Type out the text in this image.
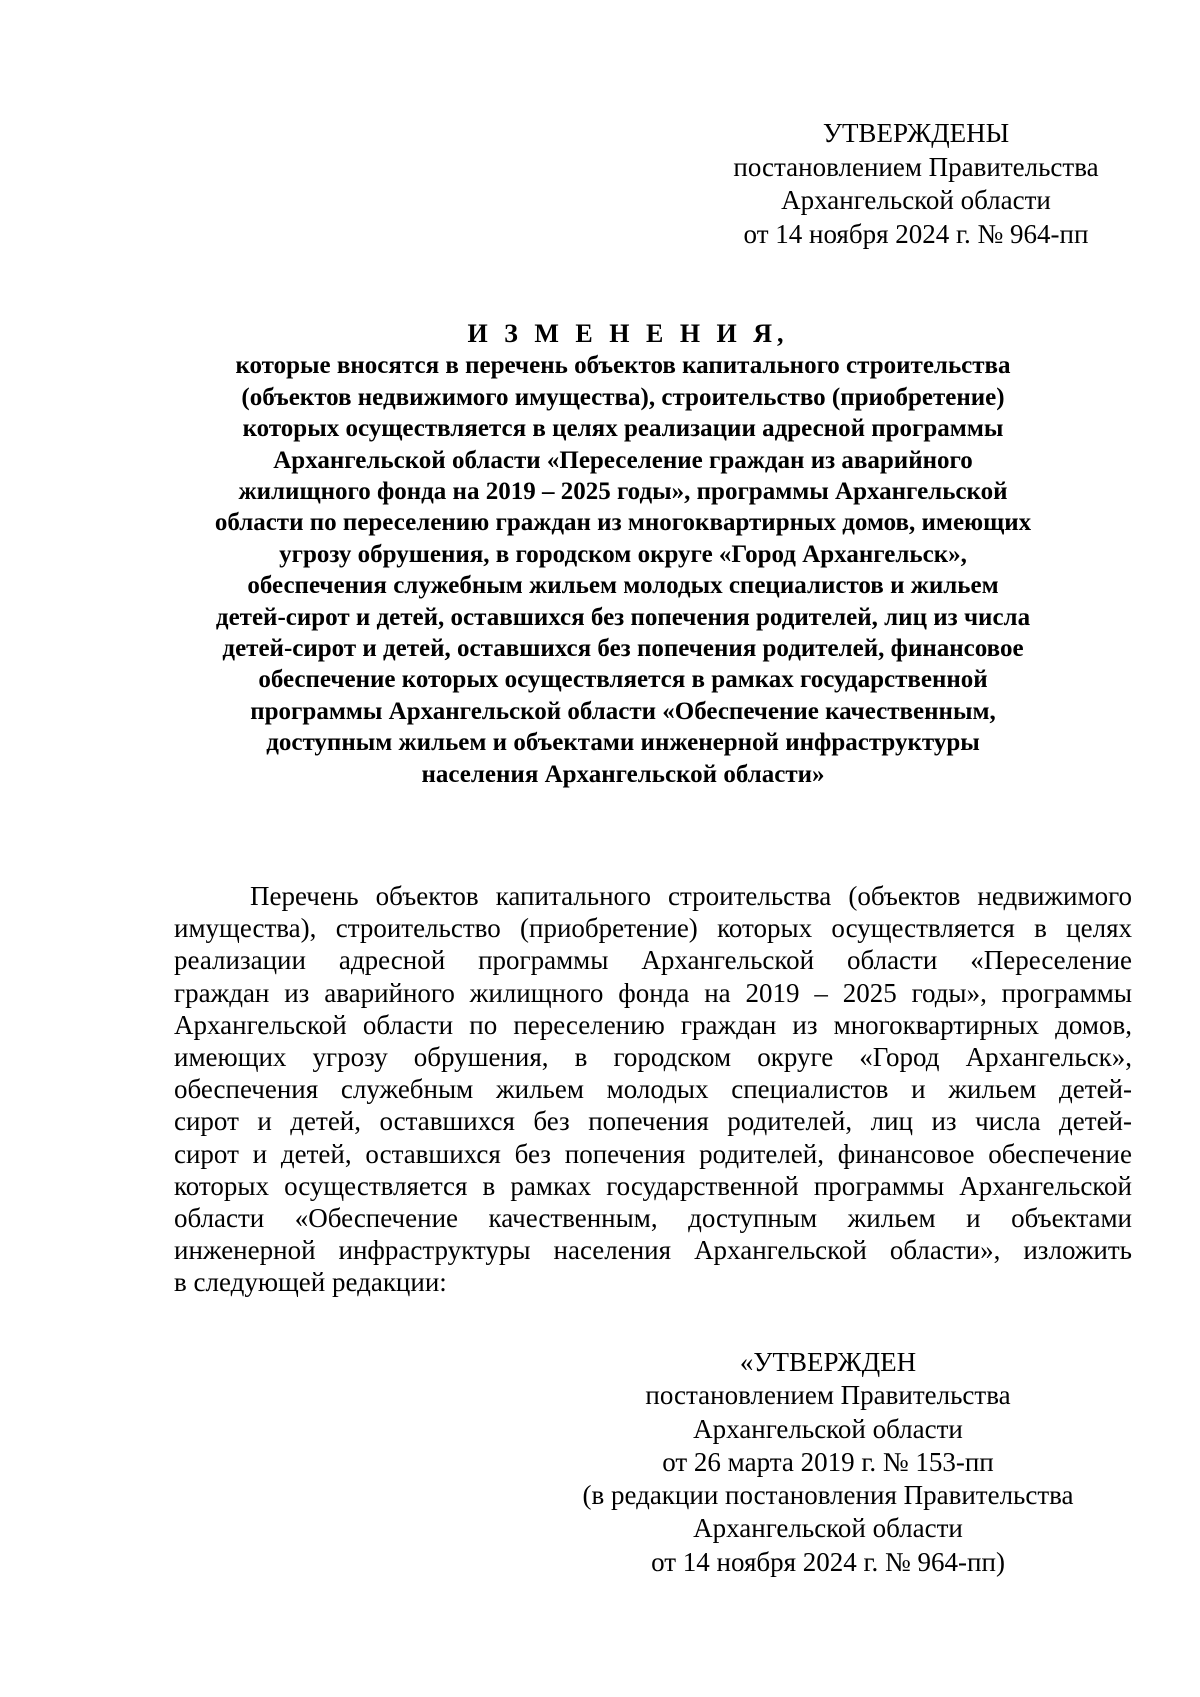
УТВЕРЖДЕНЫ
постановлением Правительства
Архангельской области
от 14 ноября 2024 г. № 964-пп
И З М Е Н Е Н И Я,
которые вносятся в перечень объектов капитального строительства
(объектов недвижимого имущества), строительство (приобретение)
которых осуществляется в целях реализации адресной программы
Архангельской области «Переселение граждан из аварийного
жилищного фонда на 2019 – 2025 годы», программы Архангельской
области по переселению граждан из многоквартирных домов, имеющих
угрозу обрушения, в городском округе «Город Архангельск»,
обеспечения служебным жильем молодых специалистов и жильем
детей-сирот и детей, оставшихся без попечения родителей, лиц из числа
детей-сирот и детей, оставшихся без попечения родителей, финансовое
обеспечение которых осуществляется в рамках государственной
программы Архангельской области «Обеспечение качественным,
доступным жильем и объектами инженерной инфраструктуры
населения Архангельской области»
Перечень объектов капитального строительства (объектов недвижимого
имущества), строительство (приобретение) которых осуществляется в целях
реализации адресной программы Архангельской области «Переселение
граждан из аварийного жилищного фонда на 2019 – 2025 годы», программы
Архангельской области по переселению граждан из многоквартирных домов,
имеющих угрозу обрушения, в городском округе «Город Архангельск»,
обеспечения служебным жильем молодых специалистов и жильем детей-
сирот и детей, оставшихся без попечения родителей, лиц из числа детей-
сирот и детей, оставшихся без попечения родителей, финансовое обеспечение
которых осуществляется в рамках государственной программы Архангельской
области «Обеспечение качественным, доступным жильем и объектами
инженерной инфраструктуры населения Архангельской области», изложить
в следующей редакции:
«УТВЕРЖДЕН
постановлением Правительства
Архангельской области
от 26 марта 2019 г. № 153-пп
(в редакции постановления Правительства
Архангельской области
от 14 ноября 2024 г. № 964-пп)
